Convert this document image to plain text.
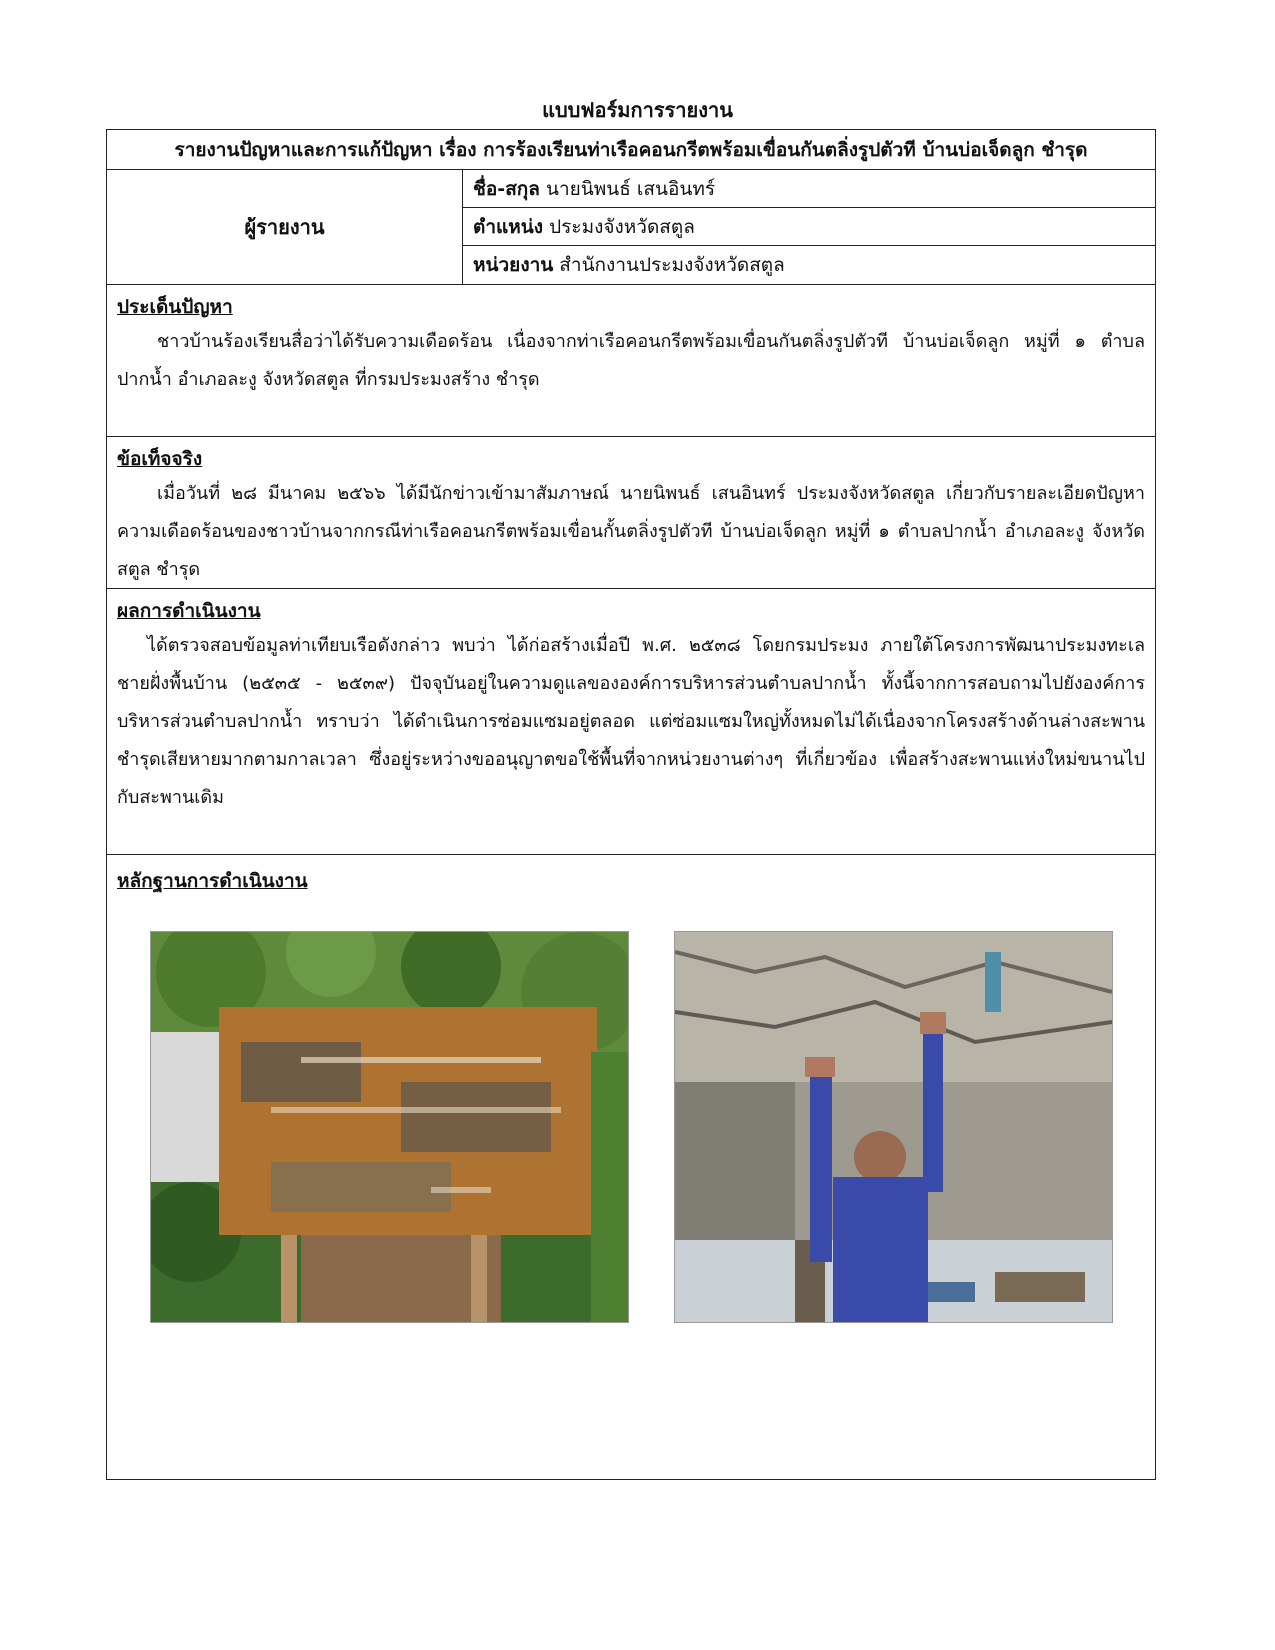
แบบฟอร์มการรายงาน
รายงานปัญหาและการแก้ปัญหา เรื่อง การร้องเรียนท่าเรือคอนกรีตพร้อมเขื่อนกันตลิ่งรูปตัวที บ้านบ่อเจ็ดลูก ชำรุด
ผู้รายงาน
ชื่อ-สกุล นายนิพนธ์ เสนอินทร์
ตำแหน่ง ประมงจังหวัดสตูล
หน่วยงาน สำนักงานประมงจังหวัดสตูล
ประเด็นปัญหา

ชาวบ้านร้องเรียนสื่อว่าได้รับความเดือดร้อน เนื่องจากท่าเรือคอนกรีตพร้อมเขื่อนกันตลิ่งรูปตัวที บ้านบ่อเจ็ดลูก หมู่ที่ ๑ ตำบลปากน้ำ อำเภอละงู จังหวัดสตูล ที่กรมประมงสร้าง ชำรุด

ข้อเท็จจริง

เมื่อวันที่ ๒๘ มีนาคม ๒๕๖๖ ได้มีนักข่าวเข้ามาสัมภาษณ์ นายนิพนธ์ เสนอินทร์ ประมงจังหวัดสตูล เกี่ยวกับรายละเอียดปัญหาความเดือดร้อนของชาวบ้านจากกรณีท่าเรือคอนกรีตพร้อมเขื่อนกั้นตลิ่งรูปตัวที บ้านบ่อเจ็ดลูก หมู่ที่ ๑ ตำบลปากน้ำ อำเภอละงู จังหวัดสตูล ชำรุด

ผลการดำเนินงาน

ได้ตรวจสอบข้อมูลท่าเทียบเรือดังกล่าว พบว่า ได้ก่อสร้างเมื่อปี พ.ศ. ๒๕๓๘ โดยกรมประมง ภายใต้โครงการพัฒนาประมงทะเลชายฝั่งพื้นบ้าน (๒๕๓๕ - ๒๕๓๙) ปัจจุบันอยู่ในความดูแลขององค์การบริหารส่วนตำบลปากน้ำ ทั้งนี้จากการสอบถามไปยังองค์การบริหารส่วนตำบลปากน้ำ ทราบว่า ได้ดำเนินการซ่อมแซมอยู่ตลอด แต่ซ่อมแซมใหญ่ทั้งหมดไม่ได้เนื่องจากโครงสร้างด้านล่างสะพานชำรุดเสียหายมากตามกาลเวลา ซึ่งอยู่ระหว่างขออนุญาตขอใช้พื้นที่จากหน่วยงานต่างๆ ที่เกี่ยวข้อง เพื่อสร้างสะพานแห่งใหม่ขนานไปกับสะพานเดิม

หลักฐานการดำเนินงาน
